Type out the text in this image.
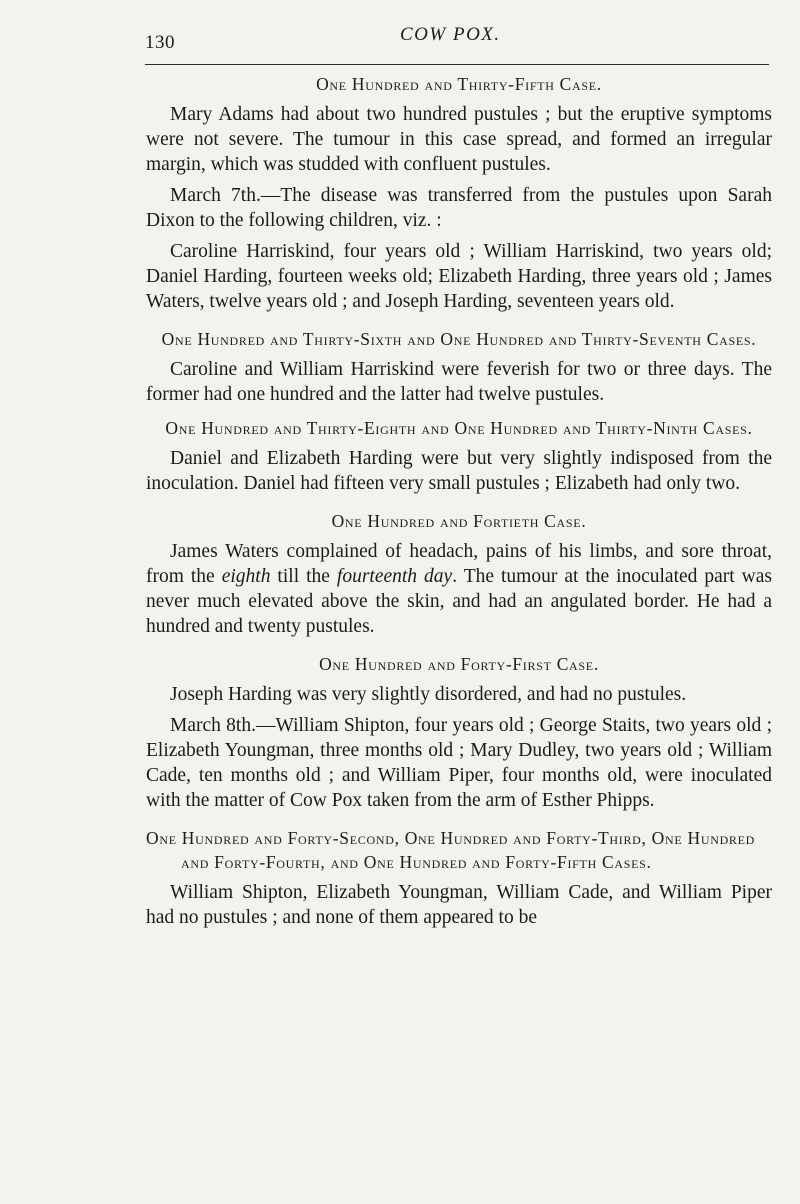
130	COW POX.
One Hundred and Thirty-Fifth Case.

Mary Adams had about two hundred pustules ; but the eruptive symptoms were not severe. The tumour in this case spread, and formed an irregular margin, which was studded with confluent pustules.

March 7th.—The disease was transferred from the pustules upon Sarah Dixon to the following children, viz. :

Caroline Harriskind, four years old ; William Harriskind, two years old; Daniel Harding, fourteen weeks old; Elizabeth Harding, three years old ; James Waters, twelve years old ; and Joseph Harding, seventeen years old.

One Hundred and Thirty-Sixth and One Hundred and Thirty-Seventh Cases.

Caroline and William Harriskind were feverish for two or three days. The former had one hundred and the latter had twelve pustules.

One Hundred and Thirty-Eighth and One Hundred and Thirty-Ninth Cases.

Daniel and Elizabeth Harding were but very slightly indisposed from the inoculation. Daniel had fifteen very small pustules ; Elizabeth had only two.

One Hundred and Fortieth Case.

James Waters complained of headach, pains of his limbs, and sore throat, from the eighth till the fourteenth day. The tumour at the inoculated part was never much elevated above the skin, and had an angulated border. He had a hundred and twenty pustules.

One Hundred and Forty-First Case.

Joseph Harding was very slightly disordered, and had no pustules.

March 8th.—William Shipton, four years old ; George Staits, two years old ; Elizabeth Youngman, three months old ; Mary Dudley, two years old ; William Cade, ten months old ; and William Piper, four months old, were inoculated with the matter of Cow Pox taken from the arm of Esther Phipps.

One Hundred and Forty-Second, One Hundred and Forty-Third, One Hundred and Forty-Fourth, and One Hundred and Forty-Fifth Cases.

William Shipton, Elizabeth Youngman, William Cade, and William Piper had no pustules ; and none of them appeared to be
